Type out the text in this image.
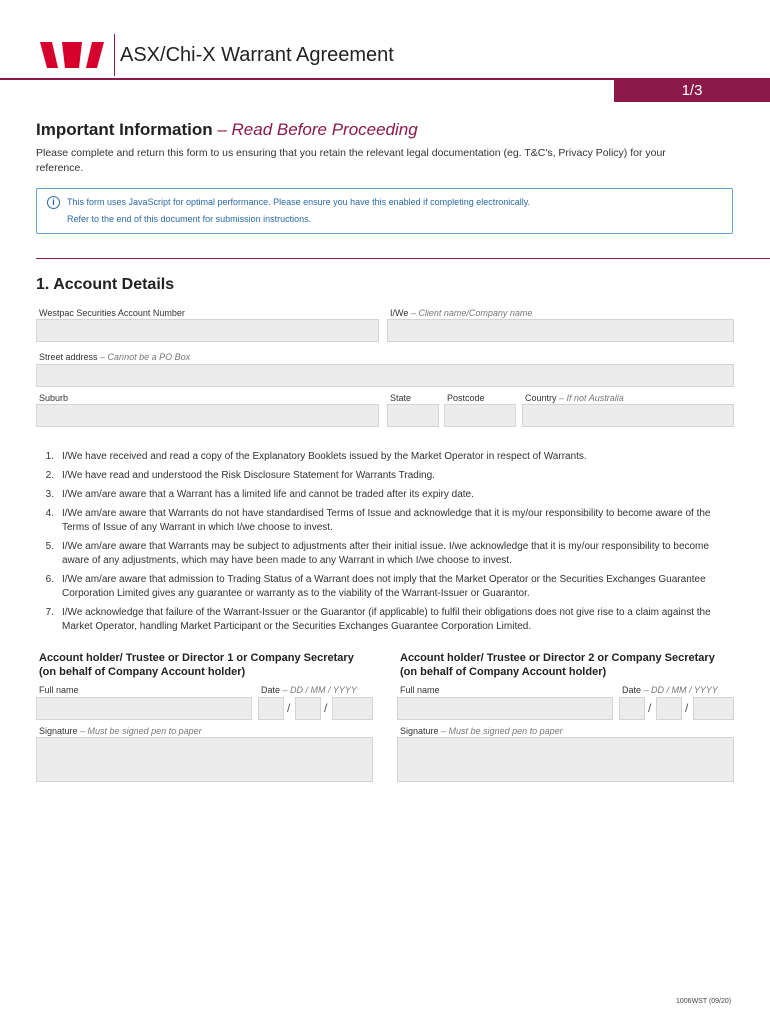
ASX/Chi-X Warrant Agreement
1/3
Important Information – Read Before Proceeding
Please complete and return this form to us ensuring that you retain the relevant legal documentation (eg. T&C's, Privacy Policy) for your reference.
i	This form uses JavaScript for optimal performance. Please ensure you have this enabled if completing electronically.
Refer to the end of this document for submission instructions.
1. Account Details
Westpac Securities Account Number	I/We – Client name/Company name
Street address – Cannot be a PO Box
Suburb	State	Postcode	Country – If not Australia
1. I/We have received and read a copy of the Explanatory Booklets issued by the Market Operator in respect of Warrants.
2. I/We have read and understood the Risk Disclosure Statement for Warrants Trading.
3. I/We am/are aware that a Warrant has a limited life and cannot be traded after its expiry date.
4. I/We am/are aware that Warrants do not have standardised Terms of Issue and acknowledge that it is my/our responsibility to become aware of the Terms of Issue of any Warrant in which I/we choose to invest.
5. I/We am/are aware that Warrants may be subject to adjustments after their initial issue. I/we acknowledge that it is my/our responsibility to become aware of any adjustments, which may have been made to any Warrant in which I/we choose to invest.
6. I/We am/are aware that admission to Trading Status of a Warrant does not imply that the Market Operator or the Securities Exchanges Guarantee Corporation Limited gives any guarantee or warranty as to the viability of the Warrant-Issuer or Guarantor.
7. I/We acknowledge that failure of the Warrant-Issuer or the Guarantor (if applicable) to fulfil their obligations does not give rise to a claim against the Market Operator, handling Market Participant or the Securities Exchanges Guarantee Corporation Limited.
Account holder/ Trustee or Director 1 or Company Secretary (on behalf of Company Account holder)
Full name	Date – DD / MM / YYYY
/	/
Signature – Must be signed pen to paper
Account holder/ Trustee or Director 2 or Company Secretary (on behalf of Company Account holder)
Full name	Date – DD / MM / YYYY
/	/
Signature – Must be signed pen to paper
1006WST (09/20)
